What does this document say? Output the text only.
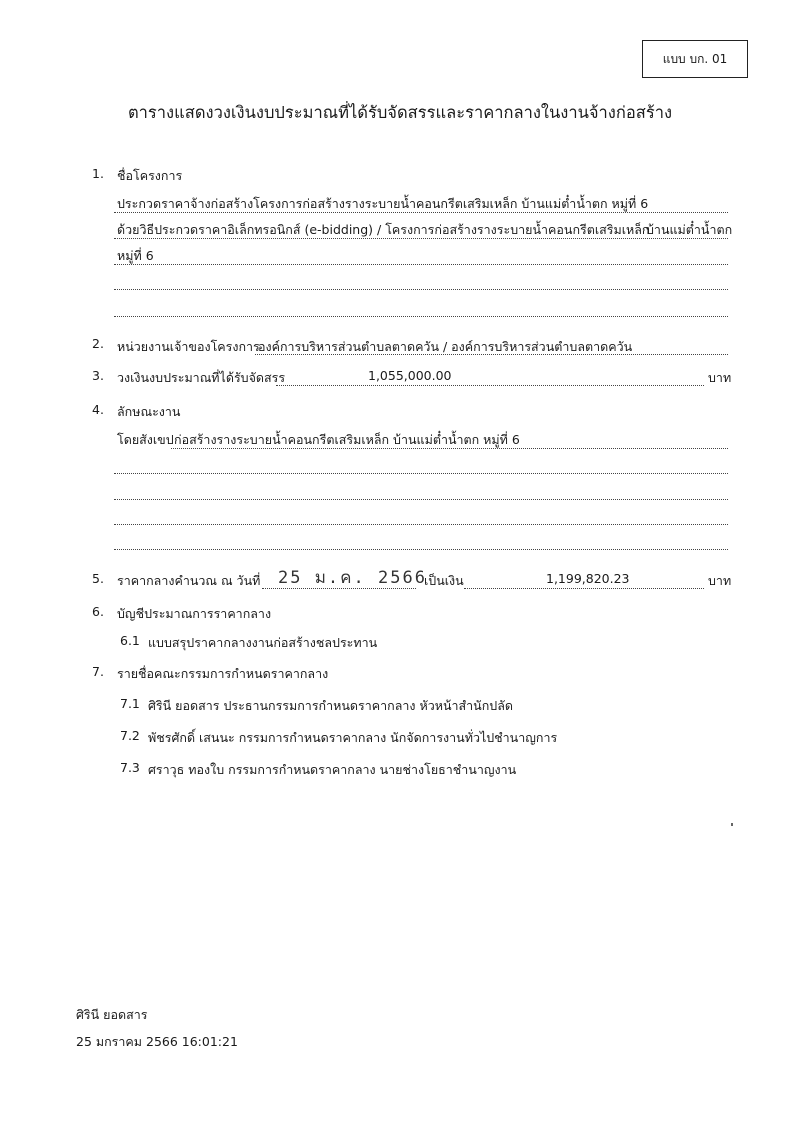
แบบ บก. 01
ตารางแสดงวงเงินงบประมาณที่ได้รับจัดสรรและราคากลางในงานจ้างก่อสร้าง
1. ชื่อโครงการ
ประกวดราคาจ้างก่อสร้างโครงการก่อสร้างรางระบายน้ำคอนกรีตเสริมเหล็ก บ้านแม่ต๋ำน้ำตก หมู่ที่ 6
ด้วยวิธีประกวดราคาอิเล็กทรอนิกส์ (e-bidding) / โครงการก่อสร้างรางระบายน้ำคอนกรีตเสริมเหล็ก
บ้านแม่ต๋ำน้ำตก
หมู่ที่ 6
2. หน่วยงานเจ้าของโครงการ
องค์การบริหารส่วนตำบลตาดควัน / องค์การบริหารส่วนตำบลตาดควัน
3. วงเงินงบประมาณที่ได้รับจัดสรร	1,055,000.00	บาท
4. ลักษณะงาน
โดยสังเขป ก่อสร้างรางระบายน้ำคอนกรีตเสริมเหล็ก บ้านแม่ต๋ำน้ำตก หมู่ที่ 6
5. ราคากลางคำนวณ ณ วันที่ 25 ม.ค. 2566
เป็นเงิน	1,199,820.23	บาท
6. บัญชีประมาณการราคากลาง
6.1 แบบสรุปราคากลางงานก่อสร้างชลประทาน
7. รายชื่อคณะกรรมการกำหนดราคากลาง
7.1 ศิรินี ยอดสาร ประธานกรรมการกำหนดราคากลาง หัวหน้าสำนักปลัด
7.2 พัชรศักดิ์ เสนนะ กรรมการกำหนดราคากลาง นักจัดการงานทั่วไปชำนาญการ
7.3 ศราวุธ ทองใบ กรรมการกำหนดราคากลาง นายช่างโยธาชำนาญงาน
ศิรินี ยอดสาร
25 มกราคม 2566 16:01:21
